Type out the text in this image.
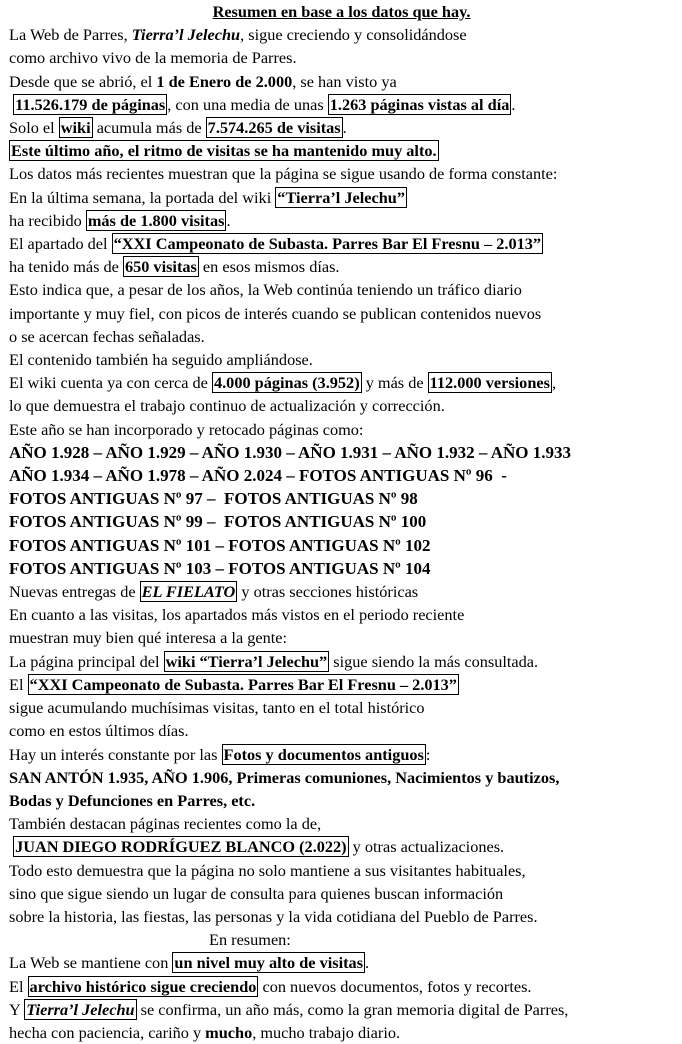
Resumen en base a los datos que hay.
La Web de Parres, Tierra’l Jelechu, sigue creciendo y consolidándose
como archivo vivo de la memoria de Parres.
Desde que se abrió, el 1 de Enero de 2.000, se han visto ya
11.526.179 de páginas , con una media de unas 1.263 páginas vistas al día .
Solo el wiki acumula más de 7.574.265 de visitas .
Este último año, el ritmo de visitas se ha mantenido muy alto.
Los datos más recientes muestran que la página se sigue usando de forma constante:
En la última semana, la portada del wiki “Tierra’l Jelechu”
ha recibido más de 1.800 visitas .
El apartado del “XXI Campeonato de Subasta. Parres Bar El Fresnu – 2.013”
ha tenido más de 650 visitas en esos mismos días.
Esto indica que, a pesar de los años, la Web continúa teniendo un tráfico diario
importante y muy fiel, con picos de interés cuando se publican contenidos nuevos
o se acercan fechas señaladas.
El contenido también ha seguido ampliándose.
El wiki cuenta ya con cerca de 4.000 páginas (3.952) y más de 112.000 versiones ,
lo que demuestra el trabajo continuo de actualización y corrección.
Este año se han incorporado y retocado páginas como:
AÑO 1.928 – AÑO 1.929 – AÑO 1.930 – AÑO 1.931 – AÑO 1.932 – AÑO 1.933
AÑO 1.934 – AÑO 1.978 – AÑO 2.024 – FOTOS ANTIGUAS Nº 96  -
FOTOS ANTIGUAS Nº 97 –  FOTOS ANTIGUAS Nº 98
FOTOS ANTIGUAS Nº 99 –  FOTOS ANTIGUAS Nº 100
FOTOS ANTIGUAS Nº 101 – FOTOS ANTIGUAS Nº 102
FOTOS ANTIGUAS Nº 103 – FOTOS ANTIGUAS Nº 104
Nuevas entregas de EL FIELATO y otras secciones históricas
En cuanto a las visitas, los apartados más vistos en el periodo reciente
muestran muy bien qué interesa a la gente:
La página principal del wiki “Tierra’l Jelechu” sigue siendo la más consultada.
El “XXI Campeonato de Subasta. Parres Bar El Fresnu – 2.013”
sigue acumulando muchísimas visitas, tanto en el total histórico
como en estos últimos días.
Hay un interés constante por las Fotos y documentos antiguos :
SAN ANTÓN 1.935, AÑO 1.906, Primeras comuniones, Nacimientos y bautizos,
Bodas y Defunciones en Parres, etc.
También destacan páginas recientes como la de,
JUAN DIEGO RODRÍGUEZ BLANCO (2.022) y otras actualizaciones.
Todo esto demuestra que la página no solo mantiene a sus visitantes habituales,
sino que sigue siendo un lugar de consulta para quienes buscan información
sobre la historia, las fiestas, las personas y la vida cotidiana del Pueblo de Parres.
En resumen:
La Web se mantiene con un nivel muy alto de visitas .
El archivo histórico sigue creciendo con nuevos documentos, fotos y recortes.
Y Tierra’l Jelechu se confirma, un año más, como la gran memoria digital de Parres,
hecha con paciencia, cariño y mucho, mucho trabajo diario.
